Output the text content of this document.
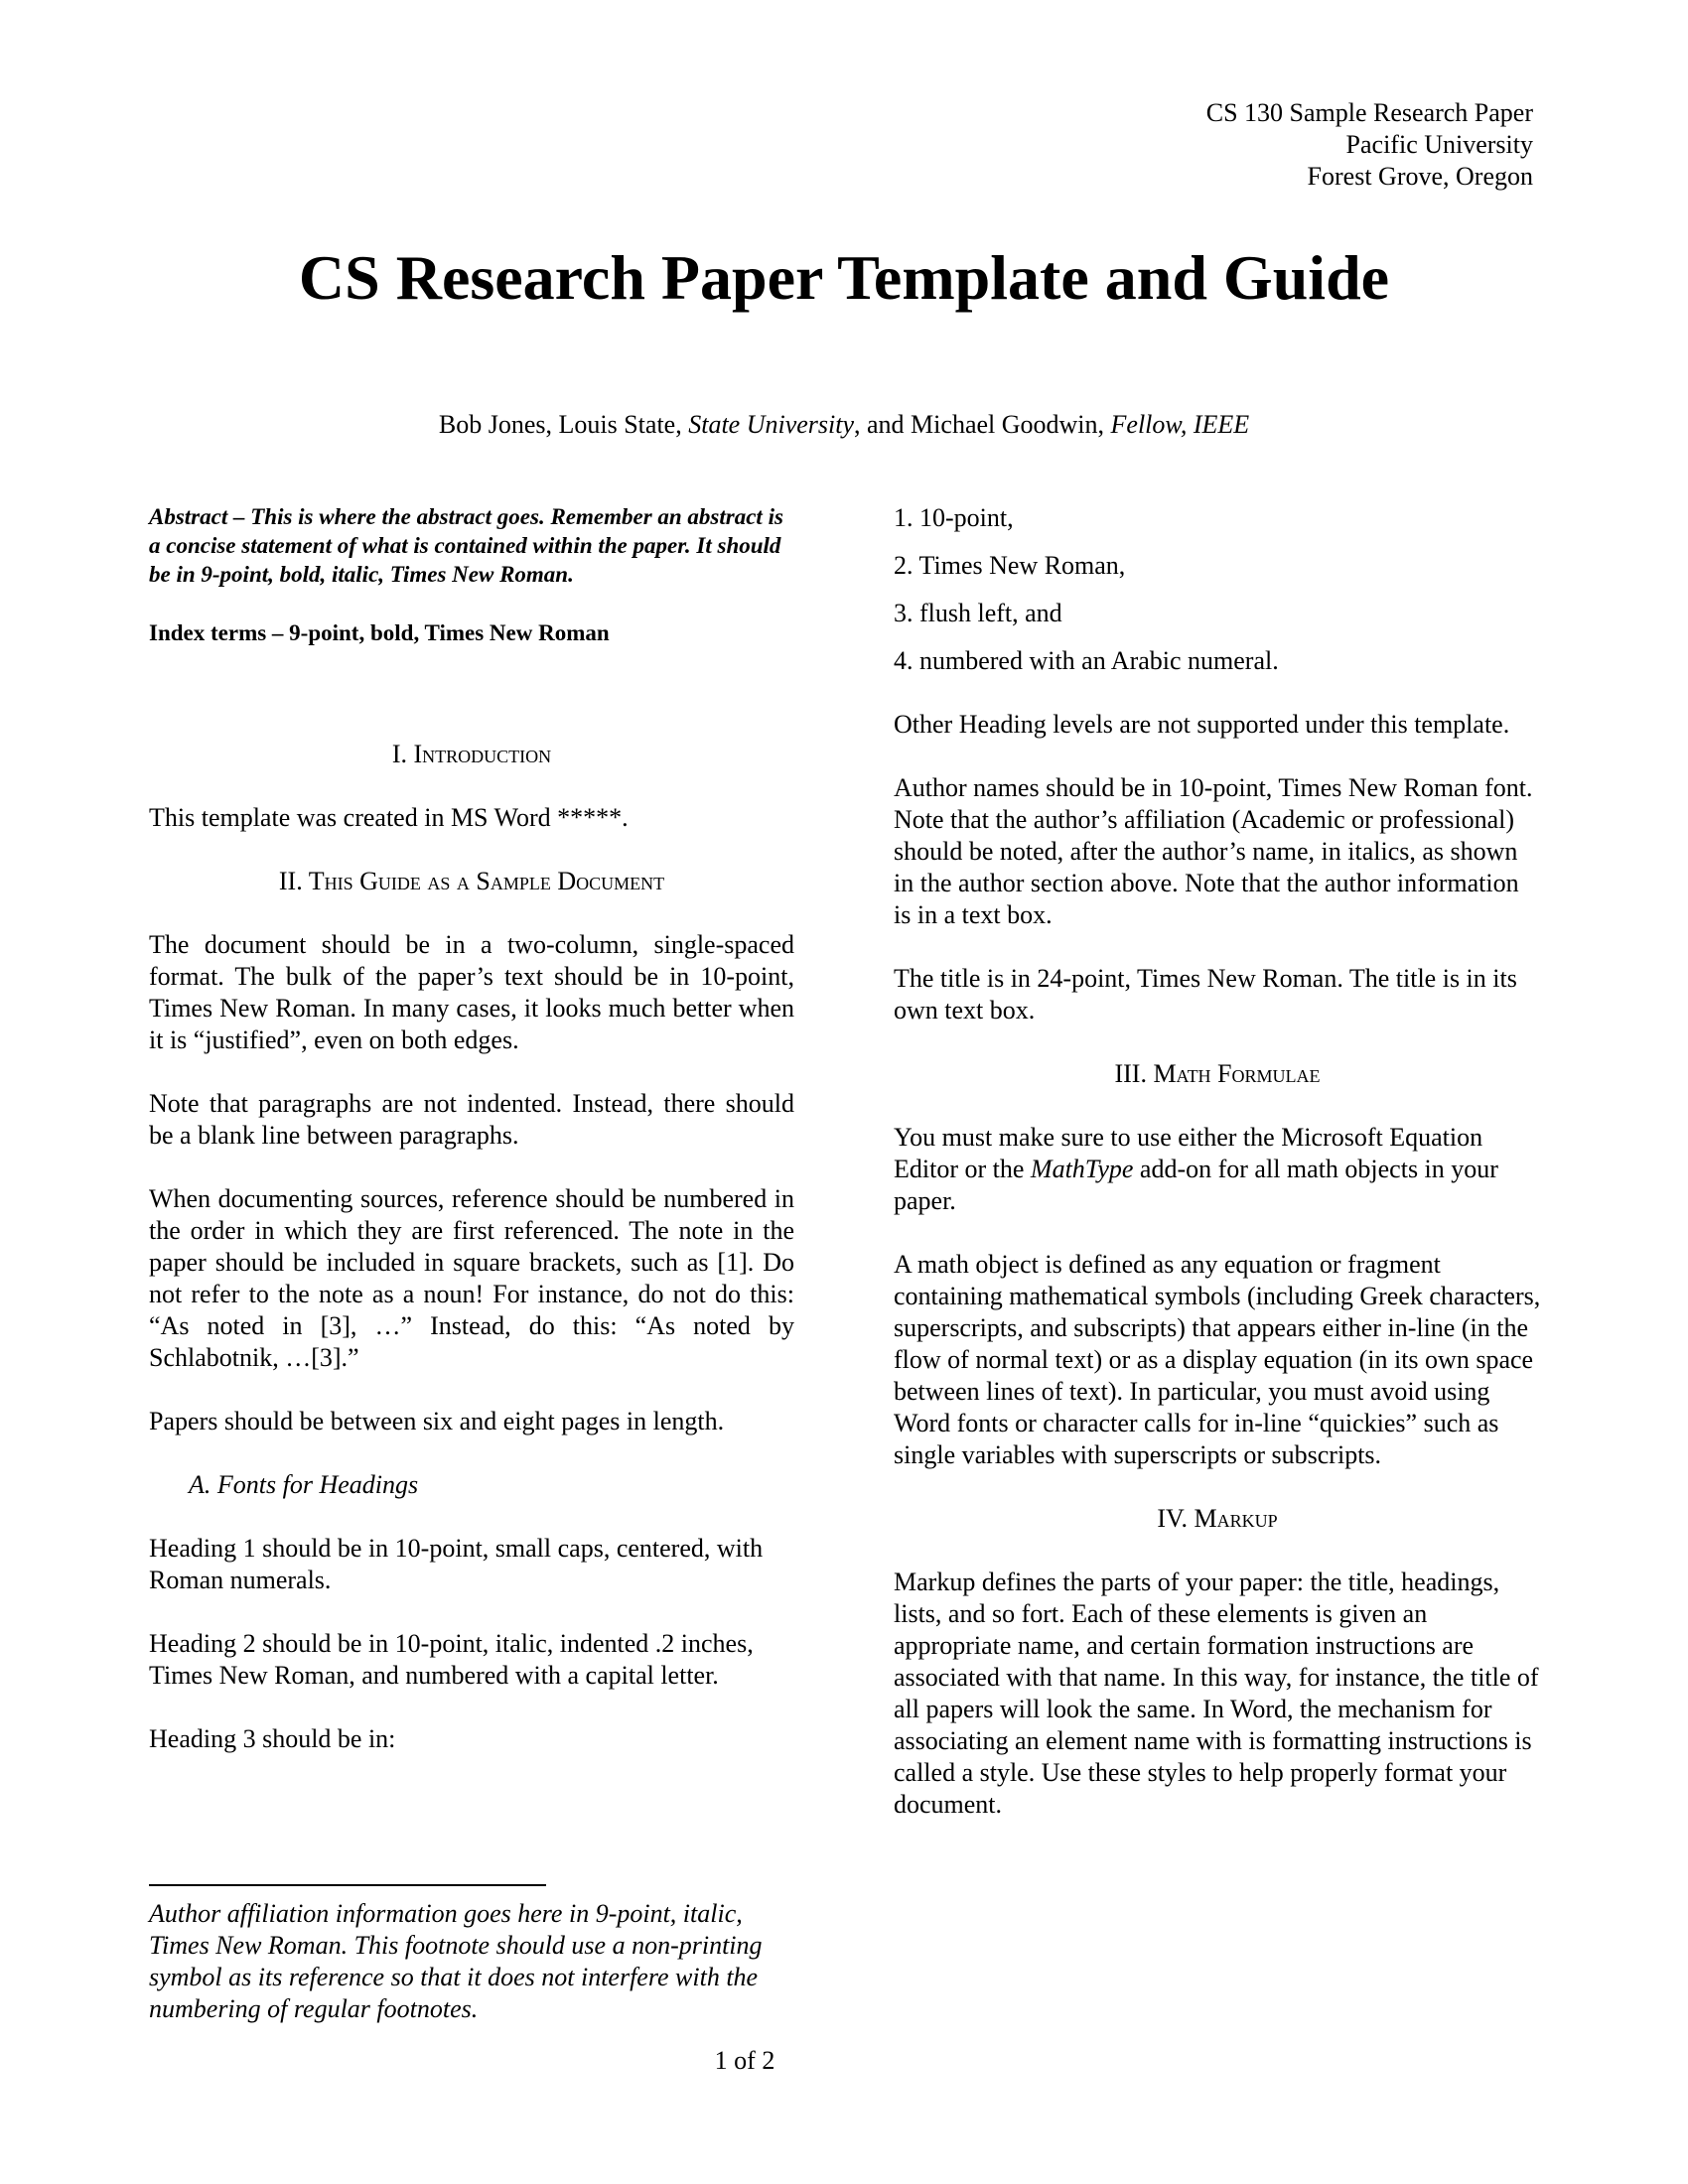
CS 130 Sample Research Paper
Pacific University
Forest Grove, Oregon
CS Research Paper Template and Guide
Bob Jones, Louis State, State University, and Michael Goodwin, Fellow, IEEE

Abstract – This is where the abstract goes. Remember an abstract is a concise statement of what is contained within the paper. It should be in 9-point, bold, italic, Times New Roman.

Index terms – 9-point, bold, Times New Roman

I. Introduction

This template was created in MS Word *****.

II. This Guide as a Sample Document

The document should be in a two-column, single-spaced format. The bulk of the paper’s text should be in 10-point, Times New Roman. In many cases, it looks much better when it is “justified”, even on both edges.

Note that paragraphs are not indented. Instead, there should be a blank line between paragraphs.

When documenting sources, reference should be numbered in the order in which they are first referenced. The note in the paper should be included in square brackets, such as [1]. Do not refer to the note as a noun! For instance, do not do this: “As noted in [3], …” Instead, do this: “As noted by Schlabotnik, …[3].”

Papers should be between six and eight pages in length.

A. Fonts for Headings

Heading 1 should be in 10-point, small caps, centered, with Roman numerals.

Heading 2 should be in 10-point, italic, indented .2 inches, Times New Roman, and numbered with a capital letter.

Heading 3 should be in:

1. 10-point,
2. Times New Roman,
3. flush left, and
4. numbered with an Arabic numeral.

Other Heading levels are not supported under this template.

Author names should be in 10-point, Times New Roman font. Note that the author’s affiliation (Academic or professional) should be noted, after the author’s name, in italics, as shown in the author section above. Note that the author information is in a text box.

The title is in 24-point, Times New Roman. The title is in its own text box.

III. Math Formulae

You must make sure to use either the Microsoft Equation Editor or the MathType add-on for all math objects in your paper.

A math object is defined as any equation or fragment containing mathematical symbols (including Greek characters, superscripts, and subscripts) that appears either in-line (in the flow of normal text) or as a display equation (in its own space between lines of text). In particular, you must avoid using Word fonts or character calls for in-line “quickies” such as single variables with superscripts or subscripts.

IV. Markup

Markup defines the parts of your paper: the title, headings, lists, and so fort. Each of these elements is given an appropriate name, and certain formation instructions are associated with that name. In this way, for instance, the title of all papers will look the same. In Word, the mechanism for associating an element name with is formatting instructions is called a style. Use these styles to help properly format your document.

Author affiliation information goes here in 9-point, italic, Times New Roman. This footnote should use a non-printing symbol as its reference so that it does not interfere with the numbering of regular footnotes.

1 of 2
